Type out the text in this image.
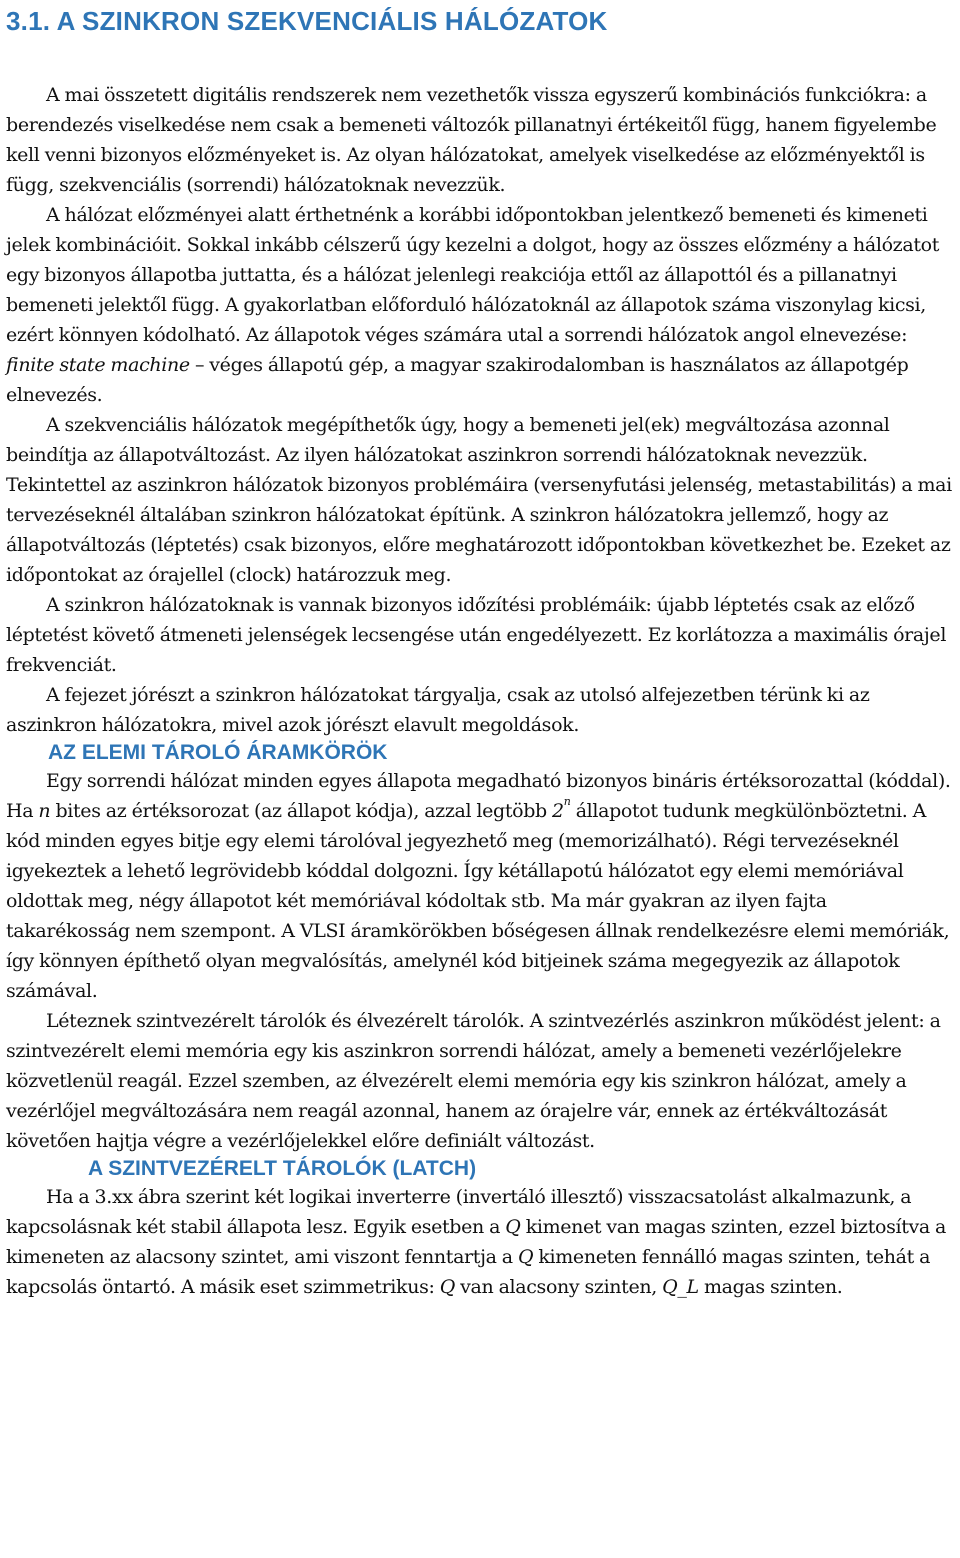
3.1. A SZINKRON SZEKVENCIÁLIS HÁLÓZATOK

A mai összetett digitális rendszerek nem vezethetők vissza egyszerű kombinációs funkciókra: a berendezés viselkedése nem csak a bemeneti változók pillanatnyi értékeitől függ, hanem figyelembe kell venni bizonyos előzményeket is. Az olyan hálózatokat, amelyek viselkedése az előzményektől is függ, szekvenciális (sorrendi) hálózatoknak nevezzük.

A hálózat előzményei alatt érthetnénk a korábbi időpontokban jelentkező bemeneti és kimeneti jelek kombinációit. Sokkal inkább célszerű úgy kezelni a dolgot, hogy az összes előzmény a hálózatot egy bizonyos állapotba juttatta, és a hálózat jelenlegi reakciója ettől az állapottól és a pillanatnyi bemeneti jelektől függ. A gyakorlatban előforduló hálózatoknál az állapotok száma viszonylag kicsi, ezért könnyen kódolható. Az állapotok véges számára utal a sorrendi hálózatok angol elnevezése: finite state machine – véges állapotú gép, a magyar szakirodalomban is használatos az állapotgép elnevezés.

A szekvenciális hálózatok megépíthetők úgy, hogy a bemeneti jel(ek) megváltozása azonnal beindítja az állapotváltozást. Az ilyen hálózatokat aszinkron sorrendi hálózatoknak nevezzük. Tekintettel az aszinkron hálózatok bizonyos problémáira (versenyfutási jelenség, metastabilitás) a mai tervezéseknél általában szinkron hálózatokat építünk. A szinkron hálózatokra jellemző, hogy az állapotváltozás (léptetés) csak bizonyos, előre meghatározott időpontokban következhet be. Ezeket az időpontokat az órajellel (clock) határozzuk meg.

A szinkron hálózatoknak is vannak bizonyos időzítési problémáik: újabb léptetés csak az előző léptetést követő átmeneti jelenségek lecsengése után engedélyezett. Ez korlátozza a maximális órajel frekvenciát.

A fejezet jórészt a szinkron hálózatokat tárgyalja, csak az utolsó alfejezetben térünk ki az aszinkron hálózatokra, mivel azok jórészt elavult megoldások.

AZ ELEMI TÁROLÓ ÁRAMKÖRÖK

Egy sorrendi hálózat minden egyes állapota megadható bizonyos bináris értéksorozattal (kóddal). Ha n bites az értéksorozat (az állapot kódja), azzal legtöbb 2$^n$ állapotot tudunk megkülönböztetni. A kód minden egyes bitje egy elemi tárolóval jegyezhető meg (memorizálható). Régi tervezéseknél igyekeztek a lehető legrövidebb kóddal dolgozni. Így kétállapotú hálózatot egy elemi memóriával oldottak meg, négy állapotot két memóriával kódoltak stb. Ma már gyakran az ilyen fajta takarékosság nem szempont. A VLSI áramkörökben bőségesen állnak rendelkezésre elemi memóriák, így könnyen építhető olyan megvalósítás, amelynél kód bitjeinek száma megegyezik az állapotok számával.

Léteznek szintvezérelt tárolók és élvezérelt tárolók. A szintvezérlés aszinkron működést jelent: a szintvezérelt elemi memória egy kis aszinkron sorrendi hálózat, amely a bemeneti vezérlőjelekre közvetlenül reagál. Ezzel szemben, az élvezérelt elemi memória egy kis szinkron hálózat, amely a vezérlőjel megváltozására nem reagál azonnal, hanem az órajelre vár, ennek az értékváltozását követően hajtja végre a vezérlőjelekkel előre definiált változást.

A SZINTVEZÉRELT TÁROLÓK (LATCH)

Ha a 3.xx ábra szerint két logikai inverterre (invertáló illesztő) visszacsatolást alkalmazunk, a kapcsolásnak két stabil állapota lesz. Egyik esetben a Q kimenet van magas szinten, ezzel biztosítva a kimeneten az alacsony szintet, ami viszont fenntartja a Q kimeneten fennálló magas szinten, tehát a kapcsolás öntartó. A másik eset szimmetrikus: Q van alacsony szinten, Q_L magas szinten.
